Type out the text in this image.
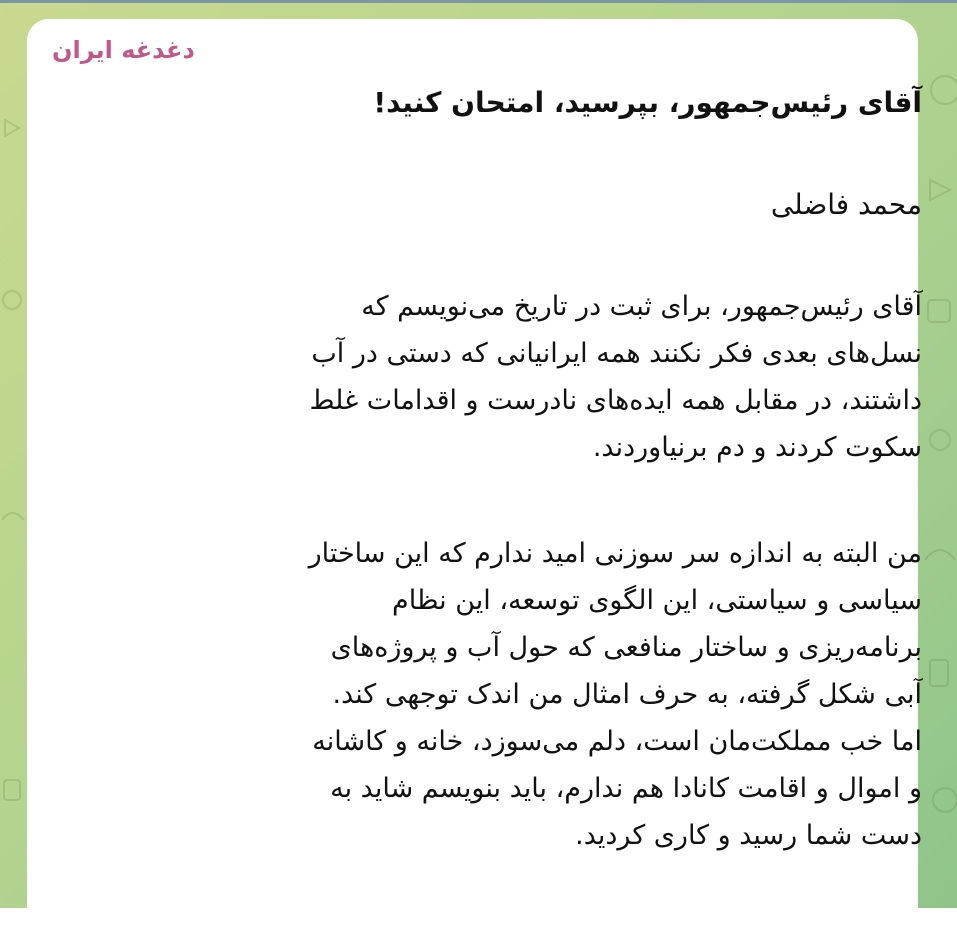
دغدغه ایران
آقای رئیس‌جمهور، بپرسید، امتحان کنید!
محمد فاضلی
آقای رئیس‌جمهور، برای ثبت در تاریخ می‌نویسم که
نسل‌های بعدی فکر نکنند همه ایرانیانی که دستی در آب
داشتند، در مقابل همه ایده‌های نادرست و اقدامات غلط
سکوت کردند و دم برنیاوردند.
من البته به اندازه سر سوزنی امید ندارم که این ساختار
سیاسی و سیاستی، این الگوی توسعه، این نظام
برنامه‌ریزی و ساختار منافعی که حول آب و پروژه‌های
آبی شکل گرفته، به حرف امثال من اندک توجهی کند.
اما خب مملکت‌مان است، دلم می‌سوزد، خانه و کاشانه
و اموال و اقامت کانادا هم ندارم، باید بنویسم شاید به
دست شما رسید و کاری کردید.
